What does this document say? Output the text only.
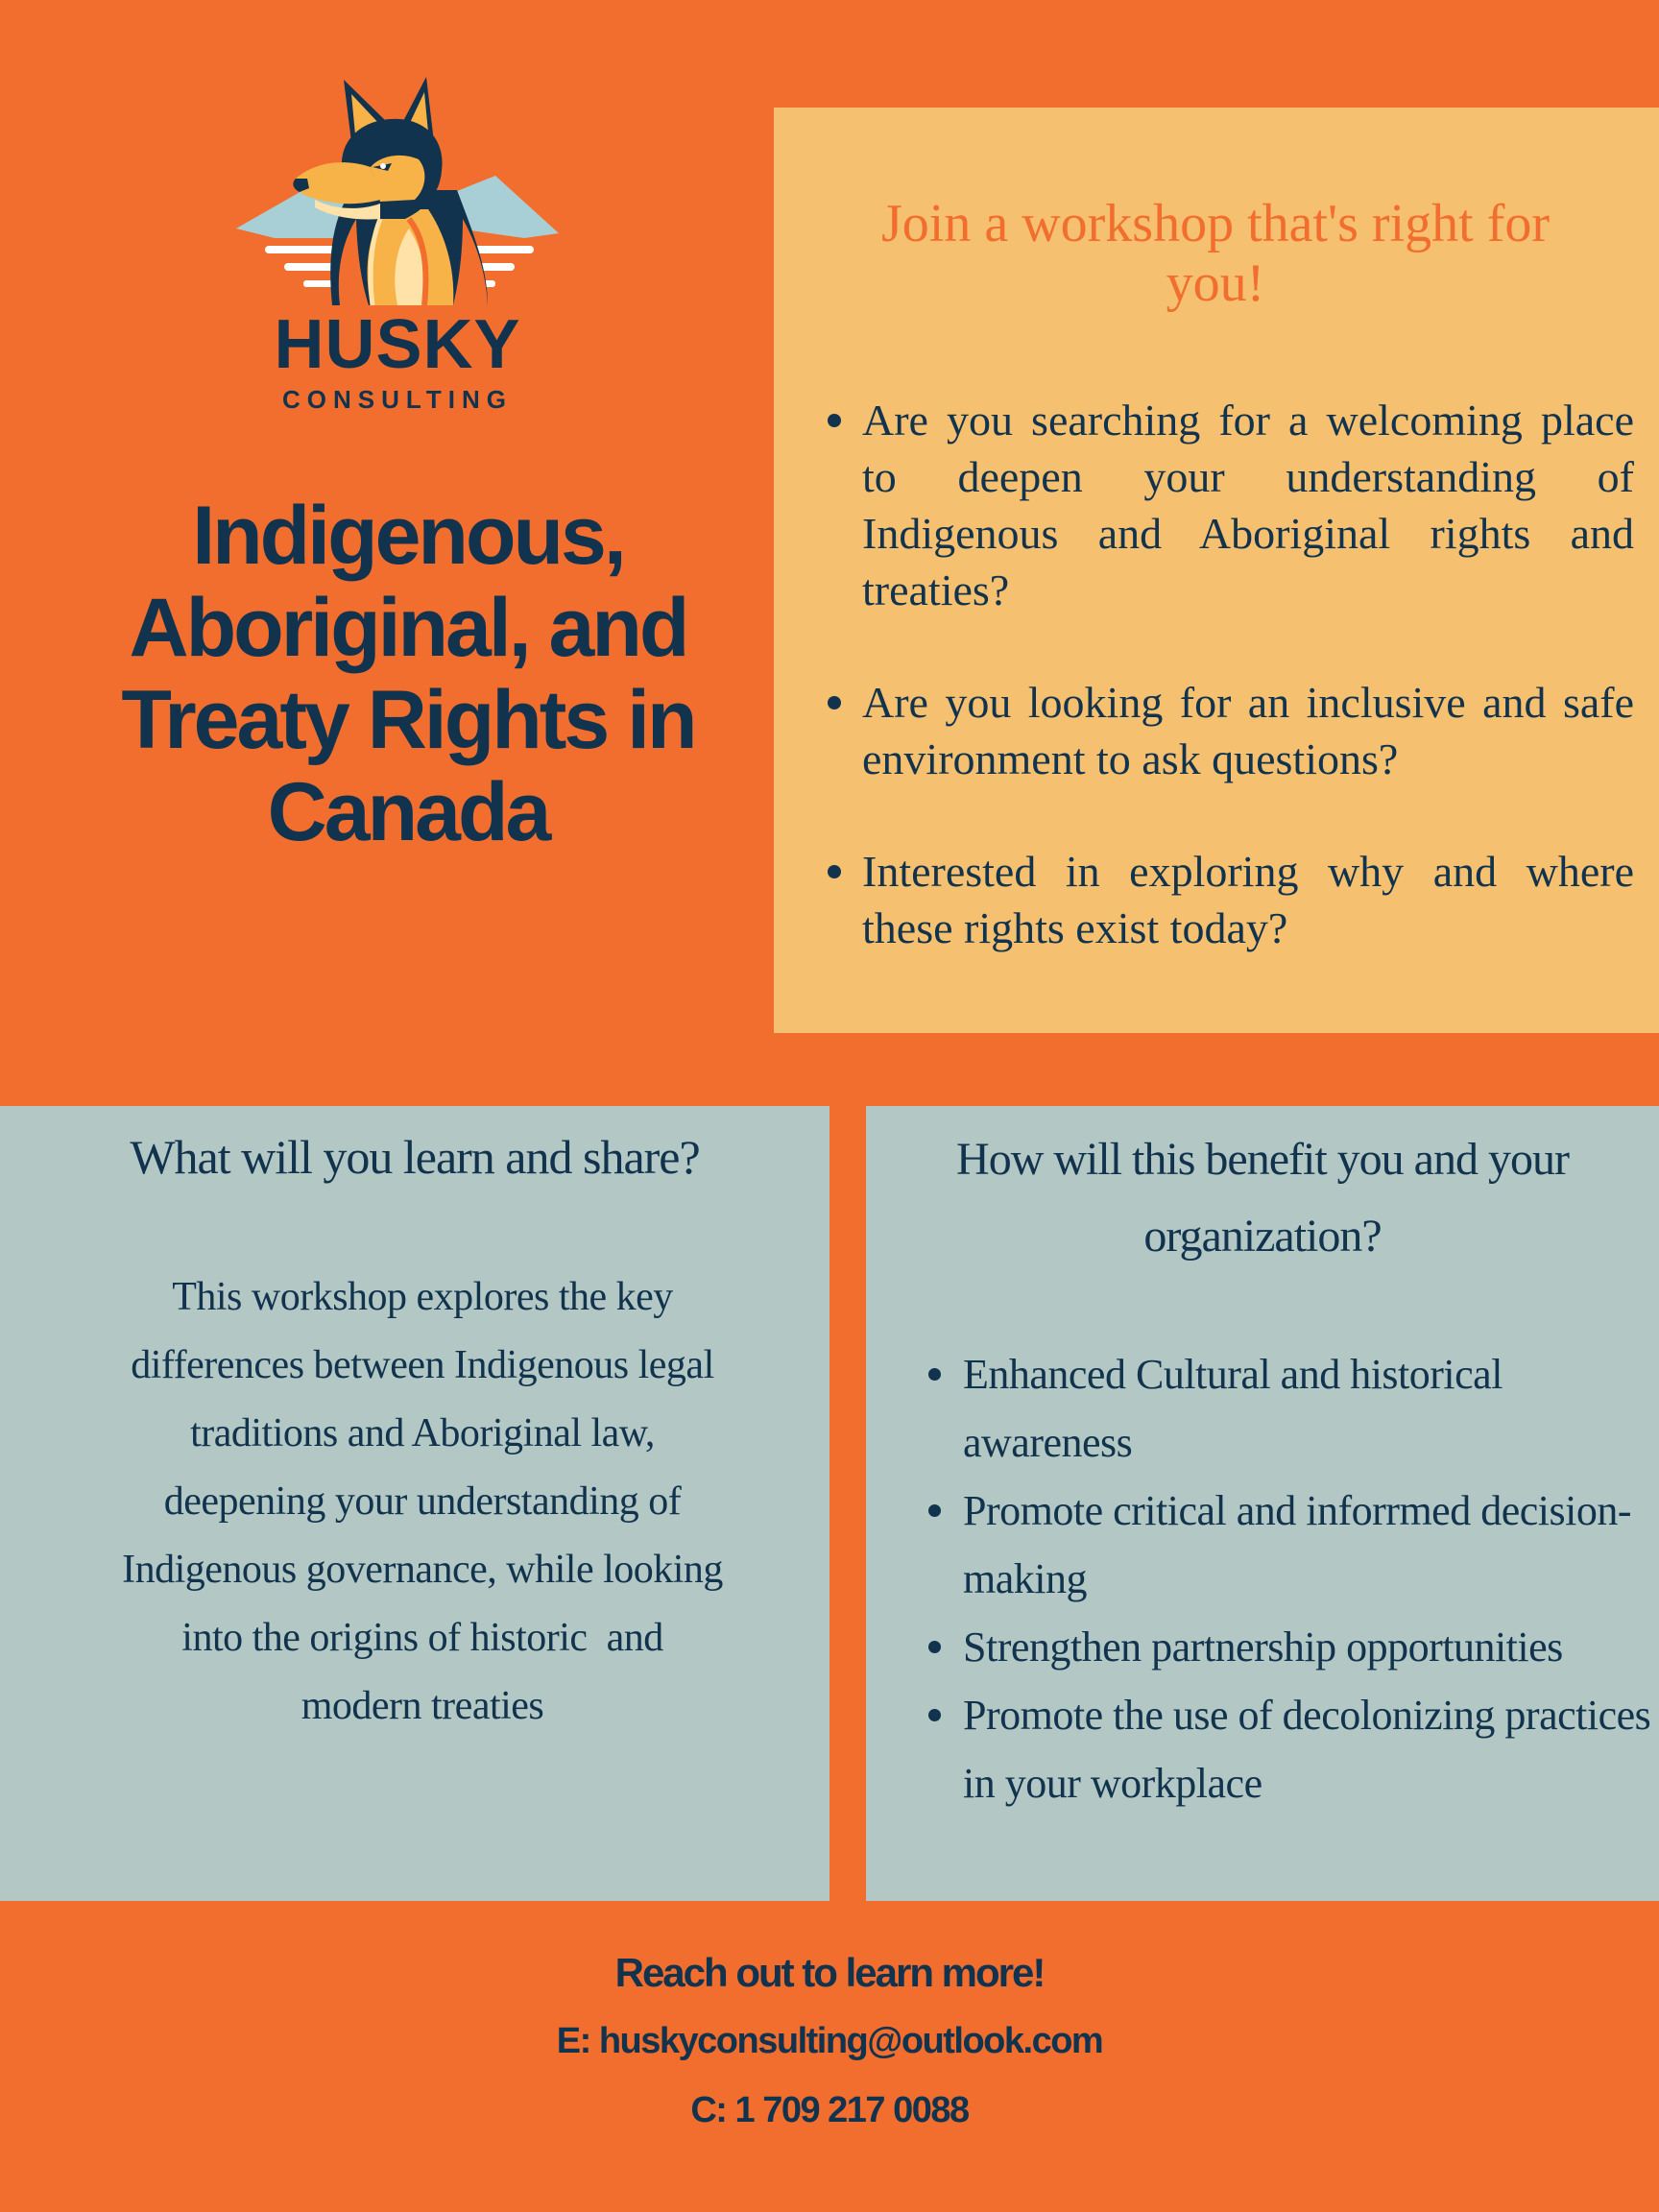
HUSKY
CONSULTING
Indigenous,
Aboriginal, and
Treaty Rights in
Canada
Join a workshop that's right for
you!
Are you searching for a welcoming place to deepen your understanding of Indigenous and Aboriginal rights and treaties?
Are you looking for an inclusive and safe environment to ask questions?
Interested in exploring why and where these rights exist today?
What will you learn and share?

This workshop explores the key
differences between Indigenous legal
traditions and Aboriginal law,
deepening your understanding of
Indigenous governance, while looking
into the origins of historic  and
modern treaties

How will this benefit you and your
organization?
Enhanced Cultural and historical awareness
Promote critical and inforrmed decision-making
Strengthen partnership opportunities
Promote the use of decolonizing practices in your workplace
Reach out to learn more!
E: huskyconsulting@outlook.com
C: 1 709 217 0088
